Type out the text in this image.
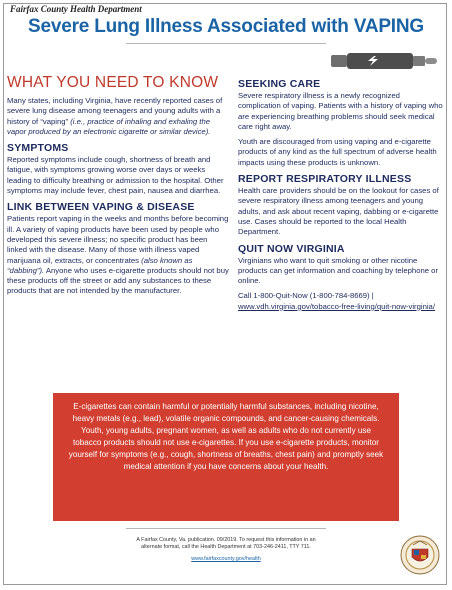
Fairfax County Health Department
Severe Lung Illness Associated with VAPING
WHAT YOU NEED TO KNOW

Many states, including Virginia, have recently reported cases of severe lung disease among teenagers and young adults with a history of “vaping” (i.e., practice of inhaling and exhaling the vapor produced by an electronic cigarette or similar device).

SYMPTOMS

Reported symptoms include cough, shortness of breath and fatigue, with symptoms growing worse over days or weeks leading to difficulty breathing or admission to the hospital. Other symptoms may include fever, chest pain, nausea and diarrhea.

LINK BETWEEN VAPING & DISEASE

Patients report vaping in the weeks and months before becoming ill. A variety of vaping products have been used by people who developed this severe illness; no specific product has been linked with the disease. Many of those with illness vaped marijuana oil, extracts, or concentrates (also known as “dabbing”). Anyone who uses e-cigarette products should not buy these products off the street or add any substances to these products that are not intended by the manufacturer.

SEEKING CARE

Severe respiratory illness is a newly recognized complication of vaping. Patients with a history of vaping who are experiencing breathing problems should seek medical care right away.

Youth are discouraged from using vaping and e-cigarette products of any kind as the full spectrum of adverse health impacts using these products is unknown.

REPORT RESPIRATORY ILLNESS

Health care providers should be on the lookout for cases of severe respiratory illness among teenagers and young adults, and ask about recent vaping, dabbing or e-cigarette use. Cases should be reported to the local Health Department.

QUIT NOW VIRGINIA

Virginians who want to quit smoking or other nicotine products can get information and coaching by telephone or online.

Call 1-800-Quit-Now (1-800-784-8669) | www.vdh.virginia.gov/tobacco-free-living/quit-now-virginia/

E-cigarettes can contain harmful or potentially harmful substances, including nicotine, heavy metals (e.g., lead), volatile organic compounds, and cancer-causing chemicals. Youth, young adults, pregnant women, as well as adults who do not currently use tobacco products should not use e-cigarettes. If you use e-cigarette products, monitor yourself for symptoms (e.g., cough, shortness of breaths, chest pain) and promptly seek medical attention if you have concerns about your health.
A Fairfax County, Va. publication. 09/2019. To request this information in an alternate format, call the Health Department at 703-246-2411, TTY 711.
www.fairfaxcounty.gov/health
